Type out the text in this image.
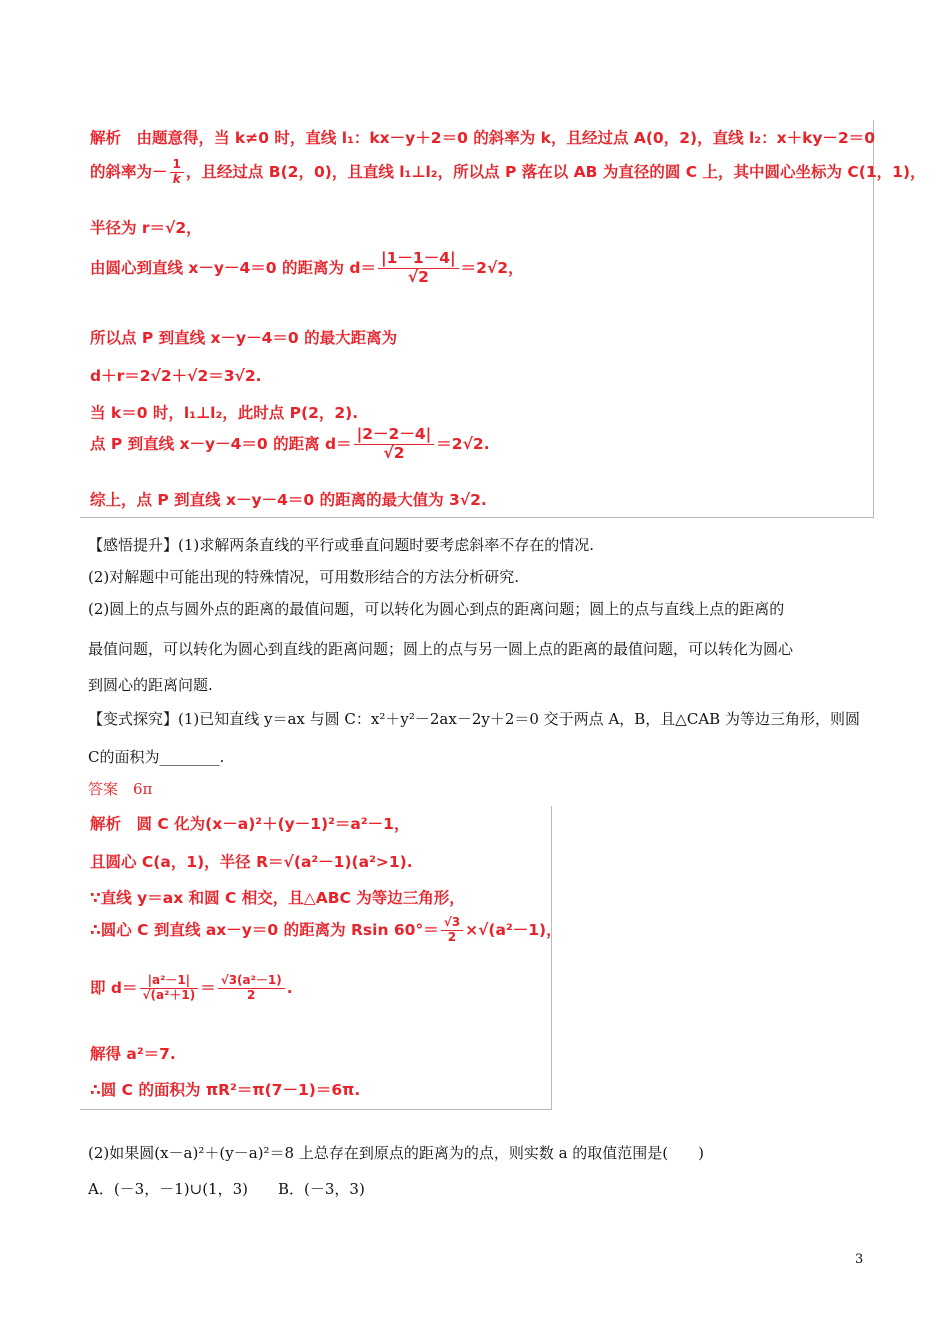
解析　由题意得，当 k≠0 时，直线 l₁：kx－y＋2＝0 的斜率为 k，且经过点 A(0，2)，直线 l₂：x＋ky－2＝0
的斜率为－ $\frac{1}{k}$ ，且经过点 B(2，0)，且直线 l₁⊥l₂，所以点 P 落在以 AB 为直径的圆 C 上，其中圆心坐标为 C(1，1)，
半径为 r＝√2，
由圆心到直线 x－y－4＝0 的距离为 $d= \frac{|1-1-4|}{√2} =2√2$，
所以点 P 到直线 x－y－4＝0 的最大距离为
d＋r＝2√2＋√2＝3√2.
当 k＝0 时，l₁⊥l₂，此时点 P(2，2).
点 P 到直线 x－y－4＝0 的距离 $d= \frac{|2-2-4|}{√2} =2√2$.
综上，点 P 到直线 x－y－4＝0 的距离的最大值为 3√2.
【感悟提升】(1)求解两条直线的平行或垂直问题时要考虑斜率不存在的情况.
(2)对解题中可能出现的特殊情况，可用数形结合的方法分析研究.
(2)圆上的点与圆外点的距离的最值问题，可以转化为圆心到点的距离问题；圆上的点与直线上点的距离的
最值问题，可以转化为圆心到直线的距离问题；圆上的点与另一圆上点的距离的最值问题，可以转化为圆心
到圆心的距离问题.
【变式探究】(1)已知直线 y＝ax 与圆 C：x²＋y²－2ax－2y＋2＝0 交于两点 A，B，且△CAB 为等边三角形，则圆
C的面积为________.
答案　6π
解析　圆 C 化为(x－a)²＋(y－1)²＝a²－1，
且圆心 C(a，1)，半径 R＝√(a²－1)(a²>1).
∵直线 y＝ax 和圆 C 相交，且△ABC 为等边三角形，
∴圆心 C 到直线 ax－y＝0 的距离为 Rsin $60^\circ= \frac{√3}{2} \times√(a^2-1)$，
即 $d= \frac{\text{|a²－1|}}{\text{√(a²＋1)}} = \frac{\text{√3(a²－1)}}{2}$ .
解得 a²＝7.
∴圆 C 的面积为 πR²＝π(7－1)＝6π.
(2)如果圆(x－a)²＋(y－a)²＝8 上总存在到原点的距离为的点，则实数 a 的取值范围是(　　)
A．(－3，－1)∪(1，3)　　B．(－3，3)
3
